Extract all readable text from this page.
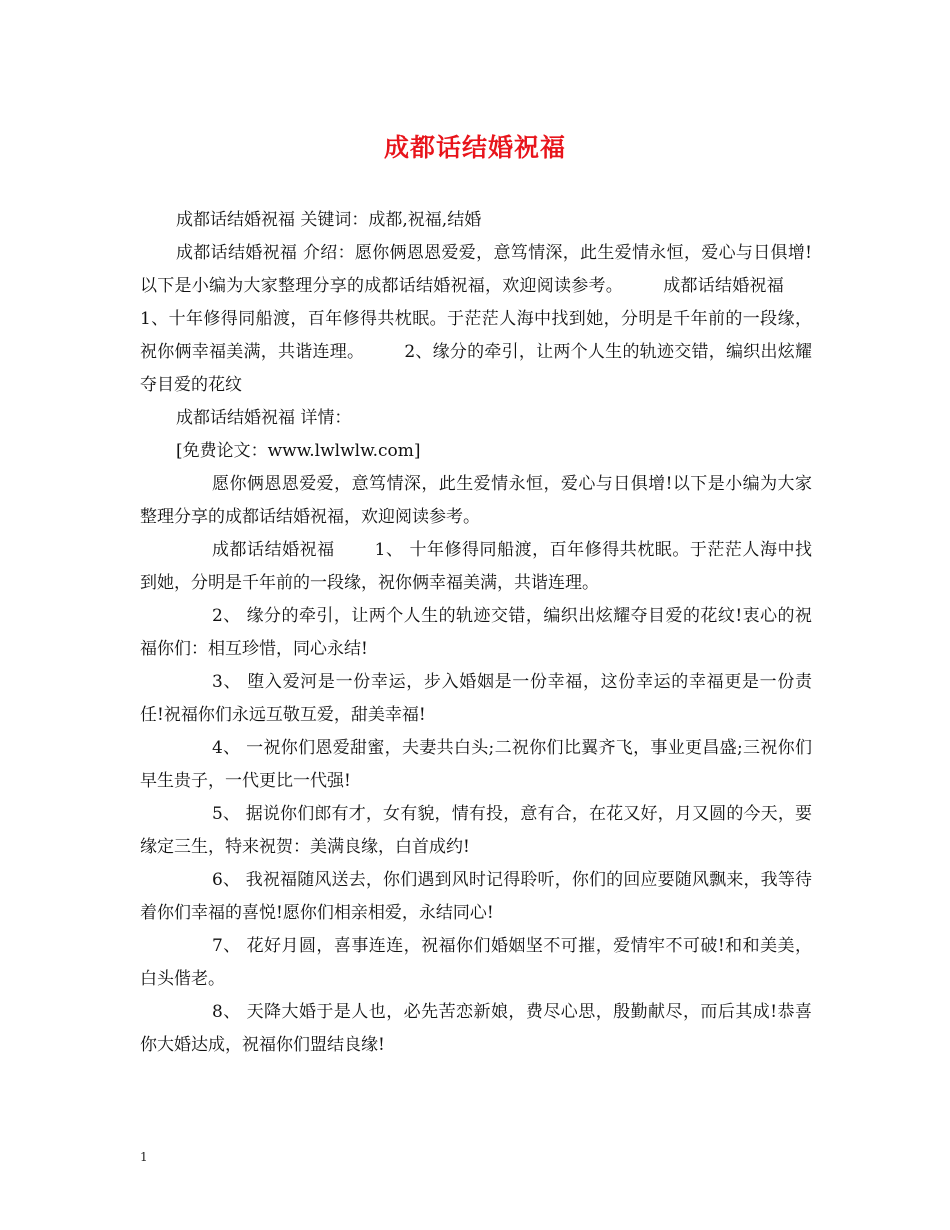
成都话结婚祝福

成都话结婚祝福 关键词：成都,祝福,结婚

成都话结婚祝福 介绍：愿你俩恩恩爱爱，意笃情深，此生爱情永恒，爱心与日俱增!以下是小编为大家整理分享的成都话结婚祝福，欢迎阅读参考。 成都话结婚祝福1、十年修得同船渡，百年修得共枕眠。于茫茫人海中找到她，分明是千年前的一段缘，祝你俩幸福美满，共谐连理。 2、缘分的牵引，让两个人生的轨迹交错，编织出炫耀夺目爱的花纹

成都话结婚祝福 详情：

[免费论文：www.lwlwlw.com]

愿你俩恩恩爱爱，意笃情深，此生爱情永恒，爱心与日俱增!以下是小编为大家整理分享的成都话结婚祝福，欢迎阅读参考。

成都话结婚祝福 1、 十年修得同船渡，百年修得共枕眠。于茫茫人海中找到她，分明是千年前的一段缘，祝你俩幸福美满，共谐连理。

2、 缘分的牵引，让两个人生的轨迹交错，编织出炫耀夺目爱的花纹!衷心的祝福你们：相互珍惜，同心永结!

3、 堕入爱河是一份幸运，步入婚姻是一份幸福，这份幸运的幸福更是一份责任!祝福你们永远互敬互爱，甜美幸福!

4、 一祝你们恩爱甜蜜，夫妻共白头;二祝你们比翼齐飞，事业更昌盛;三祝你们早生贵子，一代更比一代强!

5、 据说你们郎有才，女有貌，情有投，意有合，在花又好，月又圆的今天，要缘定三生，特来祝贺：美满良缘，白首成约!

6、 我祝福随风送去，你们遇到风时记得聆听，你们的回应要随风飘来，我等待着你们幸福的喜悦!愿你们相亲相爱，永结同心!

7、 花好月圆，喜事连连，祝福你们婚姻坚不可摧，爱情牢不可破!和和美美，白头偕老。

8、 天降大婚于是人也，必先苦恋新娘，费尽心思，殷勤献尽，而后其成!恭喜你大婚达成，祝福你们盟结良缘!

1
